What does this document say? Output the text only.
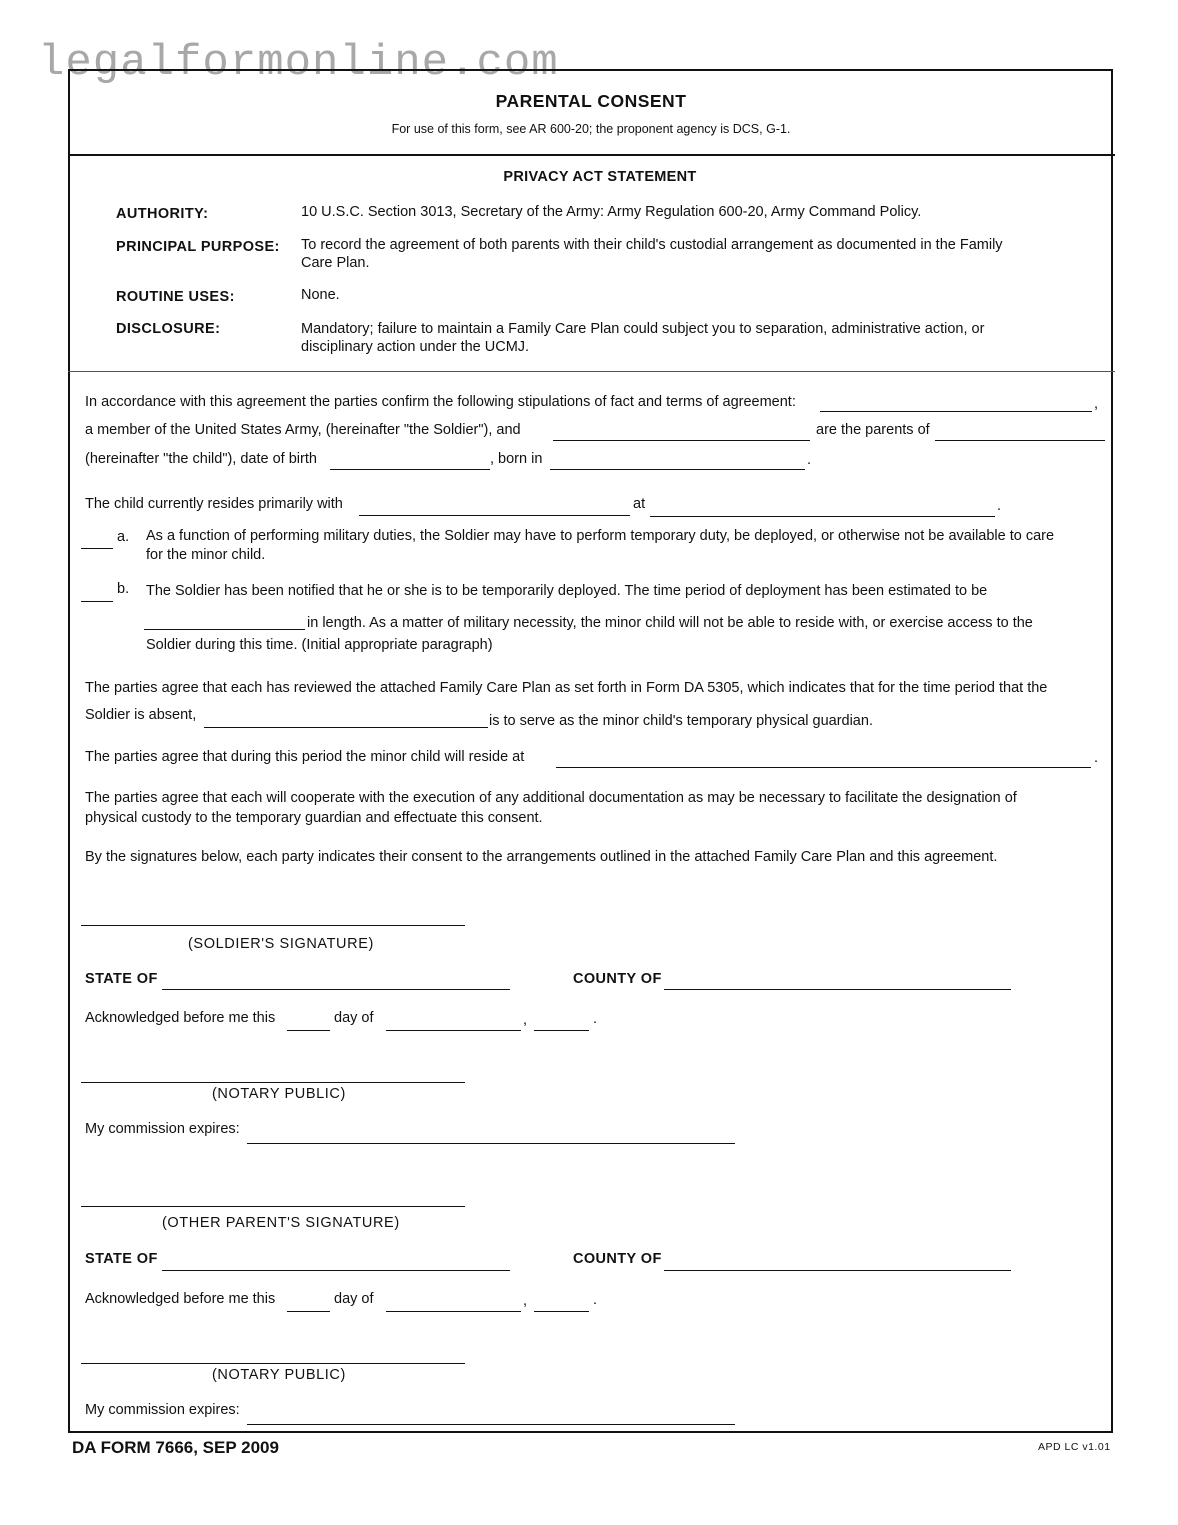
legalformonline.com
PARENTAL CONSENT
For use of this form, see AR 600-20; the proponent agency is DCS, G-1.
PRIVACY ACT STATEMENT
AUTHORITY:	10 U.S.C. Section 3013, Secretary of the Army: Army Regulation 600-20, Army Command Policy.
PRINCIPAL PURPOSE: To record the agreement of both parents with their child's custodial arrangement as documented in the Family
Care Plan.
ROUTINE USES:	None.
DISCLOSURE:	Mandatory; failure to maintain a Family Care Plan could subject you to separation, administrative action, or
disciplinary action under the UCMJ.
In accordance with this agreement the parties confirm the following stipulations of fact and terms of agreement:	,
a member of the United States Army, (hereinafter "the Soldier"), and	are the parents of
(hereinafter "the child"), date of birth	, born in	.
The child currently resides primarily with	at	.
a. As a function of performing military duties, the Soldier may have to perform temporary duty, be deployed, or otherwise not be available to care
for the minor child.
b. The Soldier has been notified that he or she is to be temporarily deployed. The time period of deployment has been estimated to be
in length. As a matter of military necessity, the minor child will not be able to reside with, or exercise access to the
Soldier during this time. (Initial appropriate paragraph)
The parties agree that each has reviewed the attached Family Care Plan as set forth in Form DA 5305, which indicates that for the time period that the
Soldier is absent,	is to serve as the minor child's temporary physical guardian.
The parties agree that during this period the minor child will reside at	.
The parties agree that each will cooperate with the execution of any additional documentation as may be necessary to facilitate the designation of
physical custody to the temporary guardian and effectuate this consent.
By the signatures below, each party indicates their consent to the arrangements outlined in the attached Family Care Plan and this agreement.
(SOLDIER'S SIGNATURE)
STATE OF	COUNTY OF
Acknowledged before me this	day of	,	.
(NOTARY PUBLIC)
My commission expires:
(OTHER PARENT'S SIGNATURE)
STATE OF	COUNTY OF
Acknowledged before me this	day of	,	.
(NOTARY PUBLIC)
My commission expires:
DA FORM 7666, SEP 2009	APD LC v1.01
